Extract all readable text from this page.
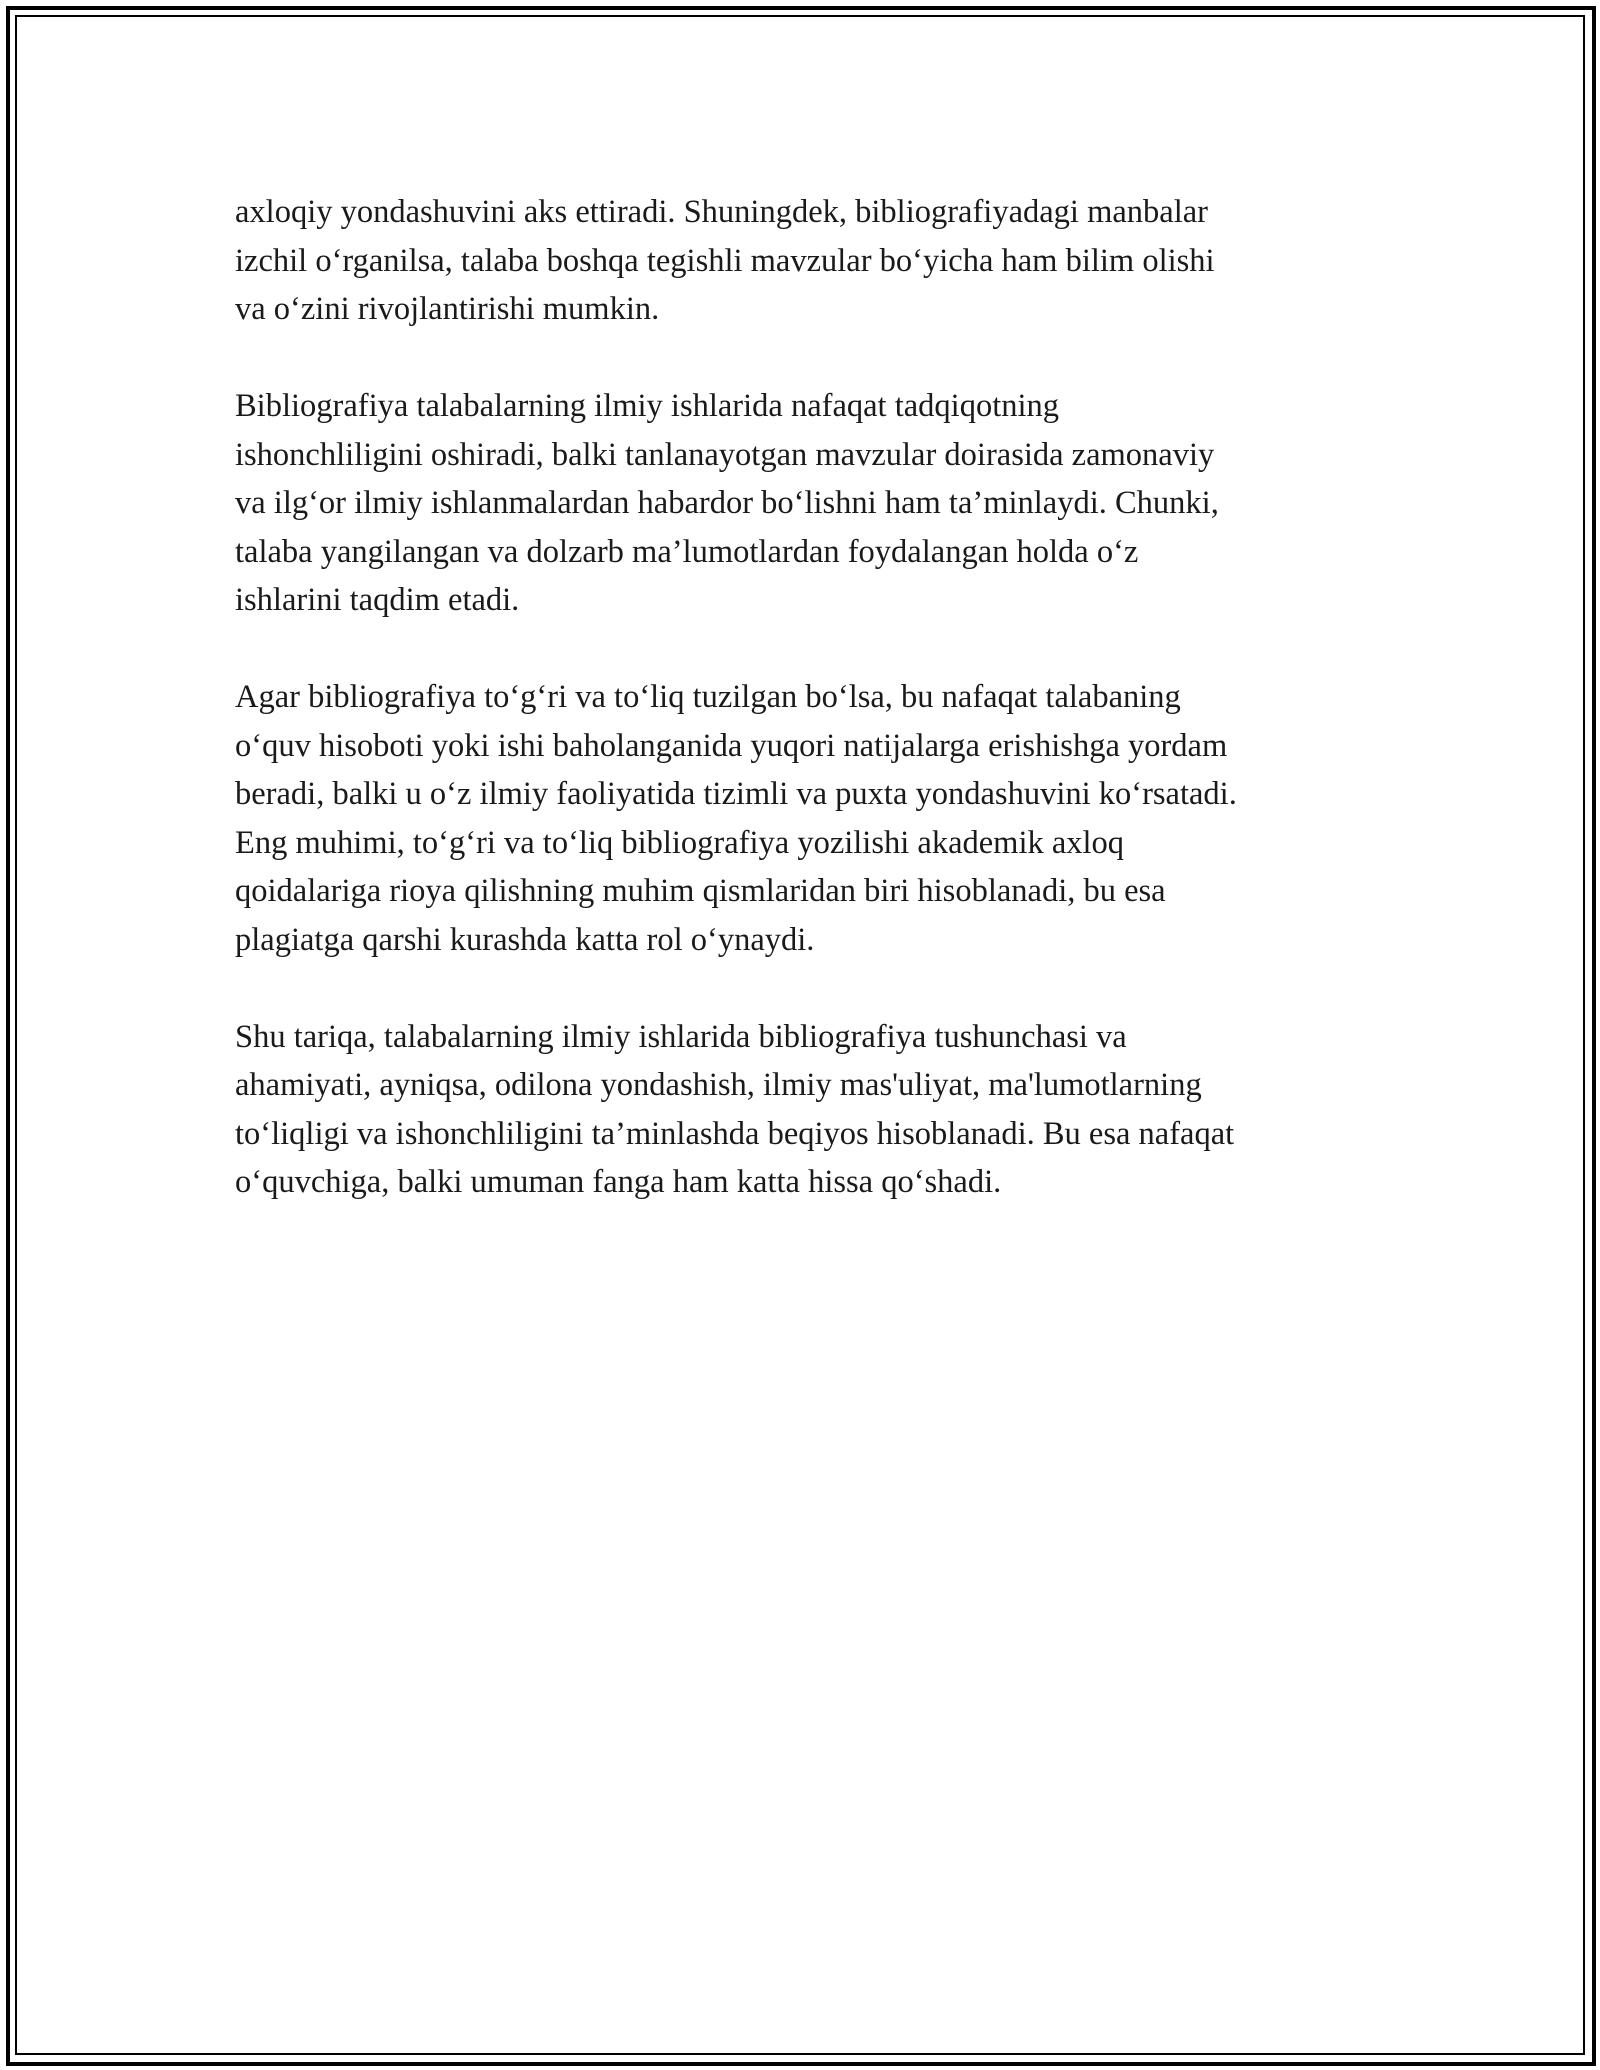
axloqiy yondashuvini aks ettiradi. Shuningdek, bibliografiyadagi manbalar
izchil o‘rganilsa, talaba boshqa tegishli mavzular bo‘yicha ham bilim olishi
va o‘zini rivojlantirishi mumkin.

Bibliografiya talabalarning ilmiy ishlarida nafaqat tadqiqotning
ishonchliligini oshiradi, balki tanlanayotgan mavzular doirasida zamonaviy
va ilg‘or ilmiy ishlanmalardan habardor bo‘lishni ham ta’minlaydi. Chunki,
talaba yangilangan va dolzarb ma’lumotlardan foydalangan holda o‘z
ishlarini taqdim etadi.

Agar bibliografiya to‘g‘ri va to‘liq tuzilgan bo‘lsa, bu nafaqat talabaning
o‘quv hisoboti yoki ishi baholanganida yuqori natijalarga erishishga yordam
beradi, balki u o‘z ilmiy faoliyatida tizimli va puxta yondashuvini ko‘rsatadi.
Eng muhimi, to‘g‘ri va to‘liq bibliografiya yozilishi akademik axloq
qoidalariga rioya qilishning muhim qismlaridan biri hisoblanadi, bu esa
plagiatga qarshi kurashda katta rol o‘ynaydi.

Shu tariqa, talabalarning ilmiy ishlarida bibliografiya tushunchasi va
ahamiyati, ayniqsa, odilona yondashish, ilmiy mas'uliyat, ma'lumotlarning
to‘liqligi va ishonchliligini ta’minlashda beqiyos hisoblanadi. Bu esa nafaqat
o‘quvchiga, balki umuman fanga ham katta hissa qo‘shadi.
